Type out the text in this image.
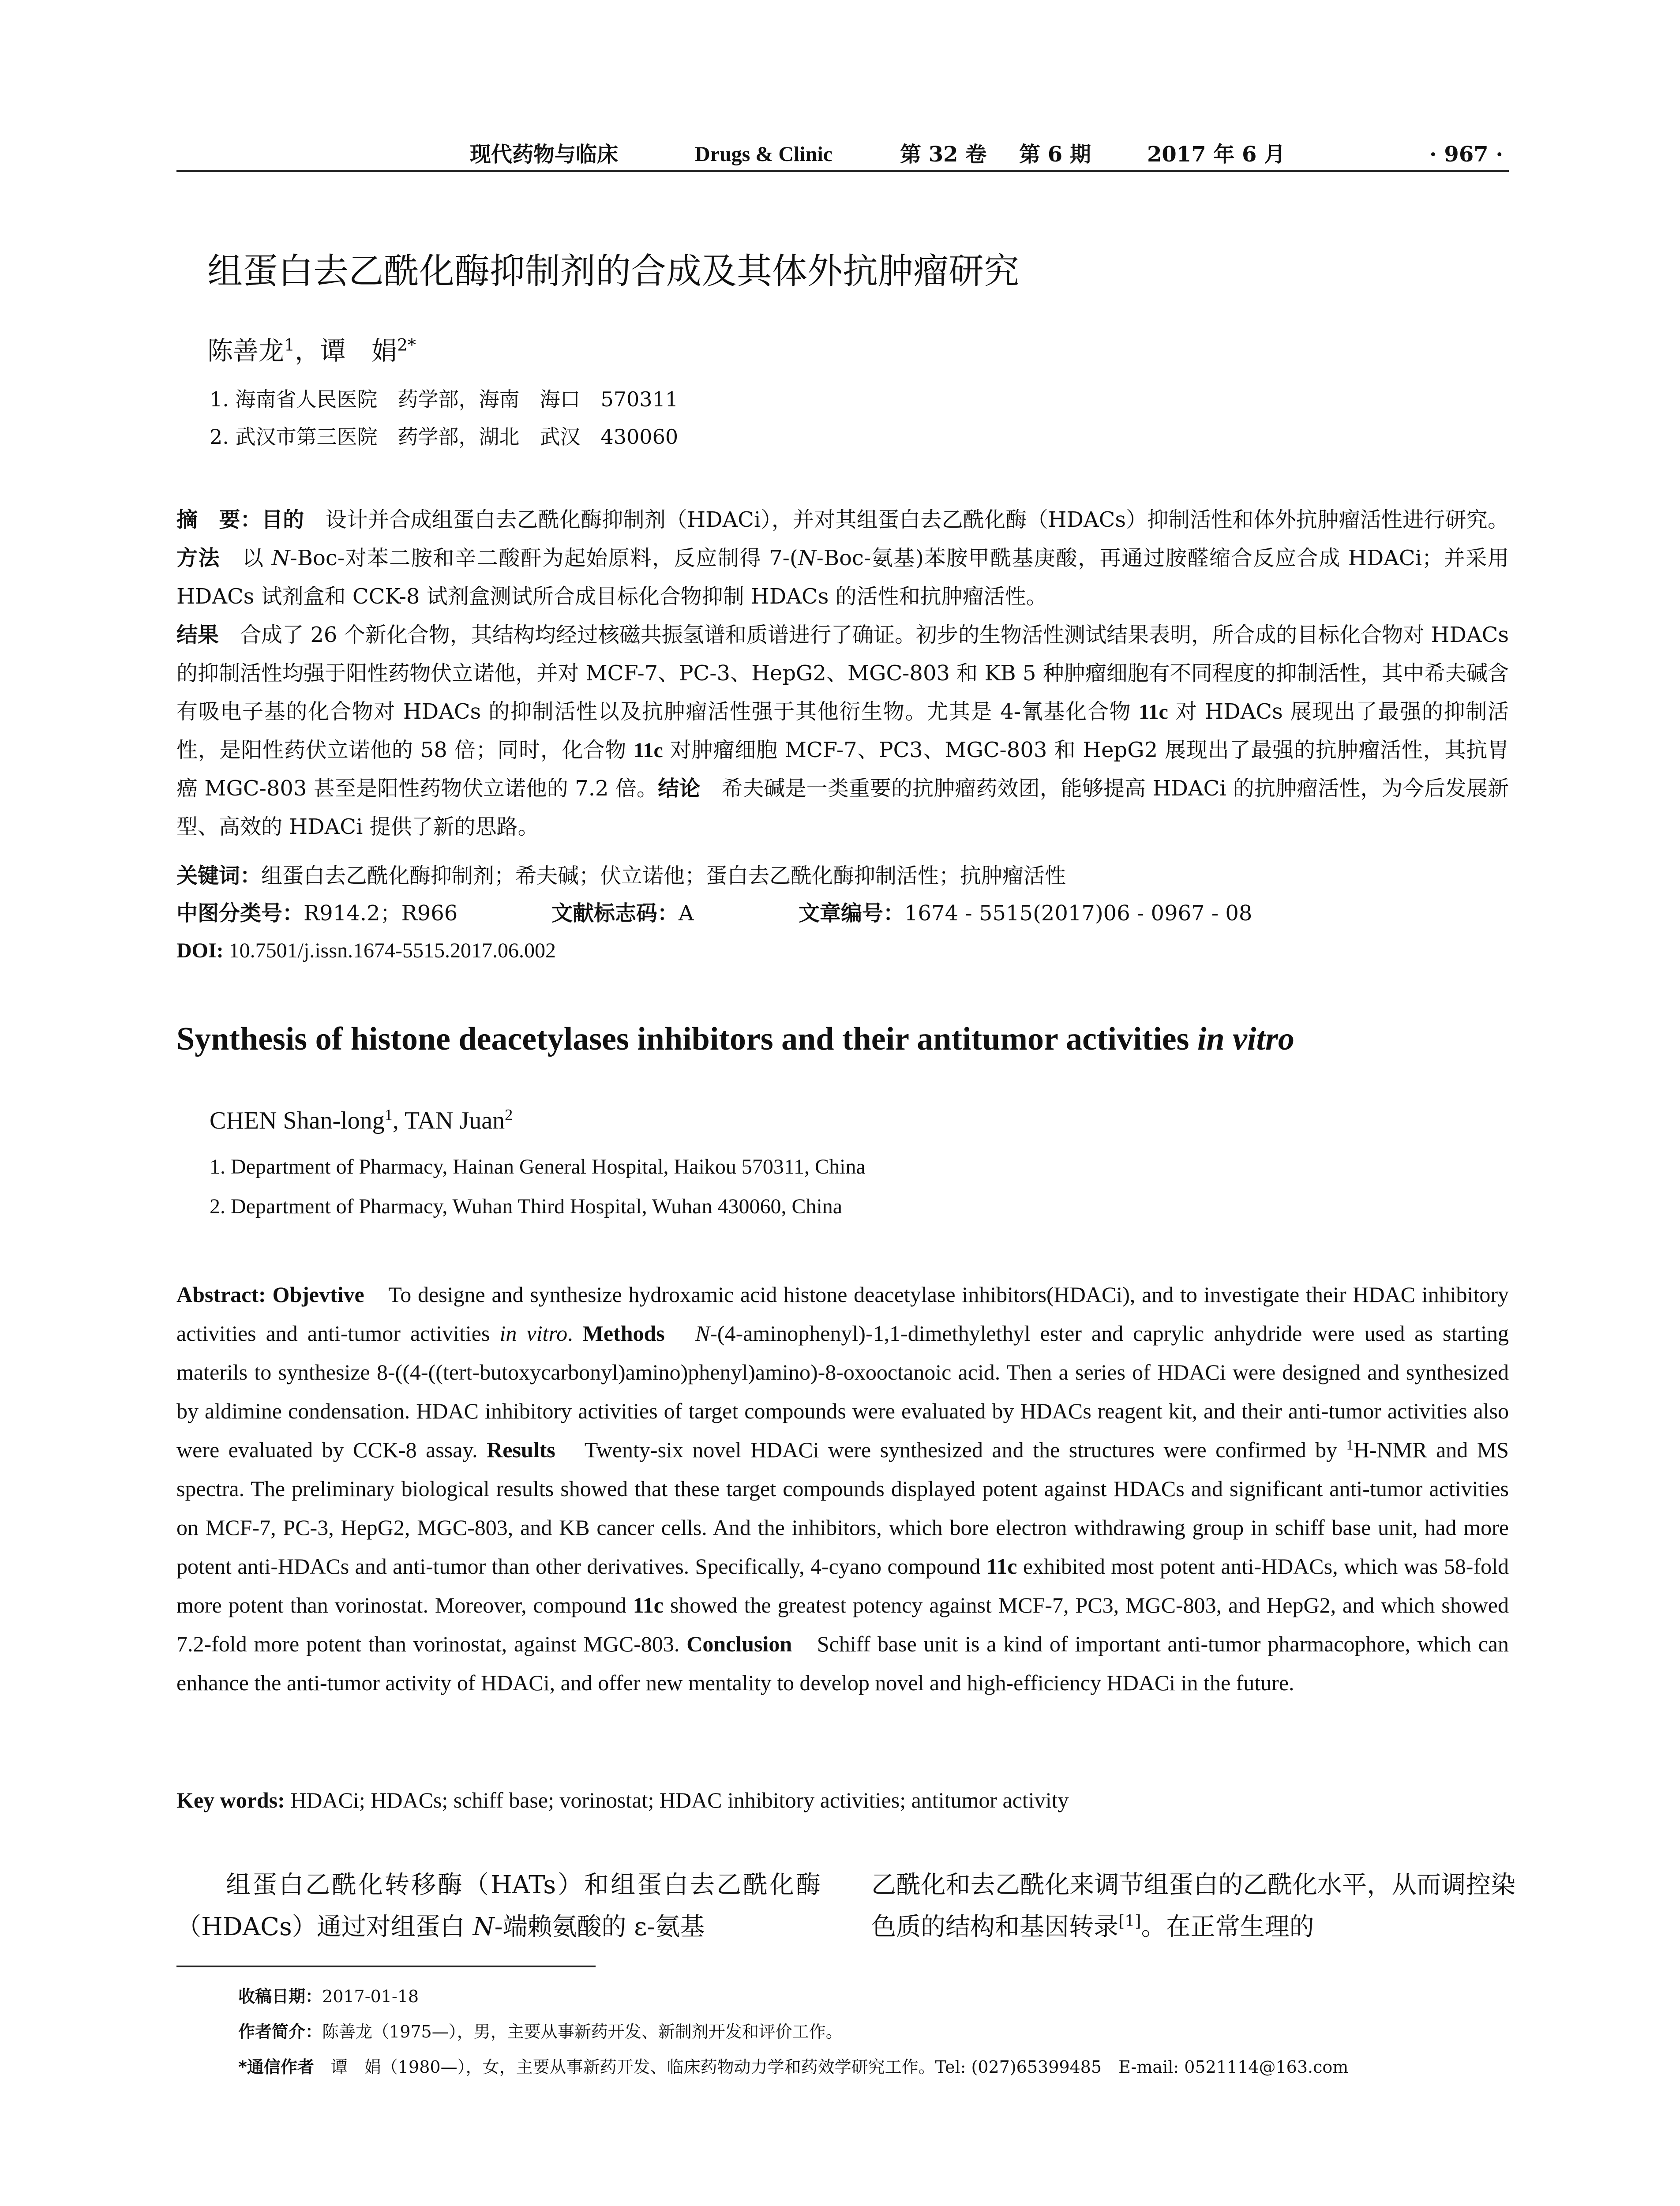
现代药物与临床	Drugs & Clinic	第 32 卷 第 6 期	2017 年 6 月	· 967 ·
组蛋白去乙酰化酶抑制剂的合成及其体外抗肿瘤研究
陈善龙$^1$，谭　娟$^{2*}$
1. 海南省人民医院　药学部，海南　海口　570311
2. 武汉市第三医院　药学部，湖北　武汉　430060
摘　要：目的　设计并合成组蛋白去乙酰化酶抑制剂（HDACi），并对其组蛋白去乙酰化酶（HDACs）抑制活性和体外抗肿瘤活性进行研究。方法　以 N-Boc-对苯二胺和辛二酸酐为起始原料，反应制得 7-(N-Boc-氨基)苯胺甲酰基庚酸，再通过胺醛缩合反应合成 HDACi；并采用 HDACs 试剂盒和 CCK-8 试剂盒测试所合成目标化合物抑制 HDACs 的活性和抗肿瘤活性。
结果　合成了 26 个新化合物，其结构均经过核磁共振氢谱和质谱进行了确证。初步的生物活性测试结果表明，所合成的目标化合物对 HDACs 的抑制活性均强于阳性药物伏立诺他，并对 MCF-7、PC-3、HepG2、MGC-803 和 KB 5 种肿瘤细胞有不同程度的抑制活性，其中希夫碱含有吸电子基的化合物对 HDACs 的抑制活性以及抗肿瘤活性强于其他衍生物。尤其是 4-氰基化合物 11c 对 HDACs 展现出了最强的抑制活性，是阳性药伏立诺他的 58 倍；同时，化合物 11c 对肿瘤细胞 MCF-7、PC3、MGC-803 和 HepG2 展现出了最强的抗肿瘤活性，其抗胃癌 MGC-803 甚至是阳性药物伏立诺他的 7.2 倍。结论　希夫碱是一类重要的抗肿瘤药效团，能够提高 HDACi 的抗肿瘤活性，为今后发展新型、高效的 HDACi 提供了新的思路。
关键词：组蛋白去乙酰化酶抑制剂；希夫碱；伏立诺他；蛋白去乙酰化酶抑制活性；抗肿瘤活性
中图分类号：R914.2；R966	文献标志码：A	文章编号：1674 - 5515(2017)06 - 0967 - 08
DOI: 10.7501/j.issn.1674-5515.2017.06.002
Synthesis of histone deacetylases inhibitors and their antitumor activities in vitro
CHEN Shan-long$^1$, TAN Juan$^2$
1. Department of Pharmacy, Hainan General Hospital, Haikou 570311, China
2. Department of Pharmacy, Wuhan Third Hospital, Wuhan 430060, China
Abstract: Objevtive　To designe and synthesize hydroxamic acid histone deacetylase inhibitors(HDACi), and to investigate their HDAC inhibitory activities and anti-tumor activities in vitro. Methods　 N-(4-aminophenyl)-1,1-dimethylethyl ester and caprylic anhydride were used as starting materils to synthesize 8-((4-((tert-butoxycarbonyl)amino)phenyl)amino)-8-oxooctanoic acid. Then a series of HDACi were designed and synthesized by aldimine condensation. HDAC inhibitory activities of target compounds were evaluated by HDACs reagent kit, and their anti-tumor activities also were evaluated by CCK-8 assay. Results　Twenty-six novel HDACi were synthesized and the structures were confirmed by $^1$H-NMR and MS spectra. The preliminary biological results showed that these target compounds displayed potent against HDACs and significant anti-tumor activities on MCF-7, PC-3, HepG2, MGC-803, and KB cancer cells. And the inhibitors, which bore electron withdrawing group in schiff base unit, had more potent anti-HDACs and anti-tumor than other derivatives. Specifically, 4-cyano compound 11c exhibited most potent anti-HDACs, which was 58-fold more potent than vorinostat. Moreover, compound 11c showed the greatest potency against MCF-7, PC3, MGC-803, and HepG2, and which showed 7.2-fold more potent than vorinostat, against MGC-803. Conclusion　Schiff base unit is a kind of important anti-tumor pharmacophore, which can enhance the anti-tumor activity of HDACi, and offer new mentality to develop novel and high-efficiency HDACi in the future.
Key words: HDACi; HDACs; schiff base; vorinostat; HDAC inhibitory activities; antitumor activity
组蛋白乙酰化转移酶（HATs）和组蛋白去乙酰化酶（HDACs）通过对组蛋白 N-端赖氨酸的 ε-氨基
乙酰化和去乙酰化来调节组蛋白的乙酰化水平，从而调控染色质的结构和基因转录[1]。在正常生理的
收稿日期：2017-01-18
作者简介：陈善龙（1975—），男，主要从事新药开发、新制剂开发和评价工作。
*通信作者　谭　娟（1980—），女，主要从事新药开发、临床药物动力学和药效学研究工作。Tel: (027)65399485　E-mail: 0521114@163.com
